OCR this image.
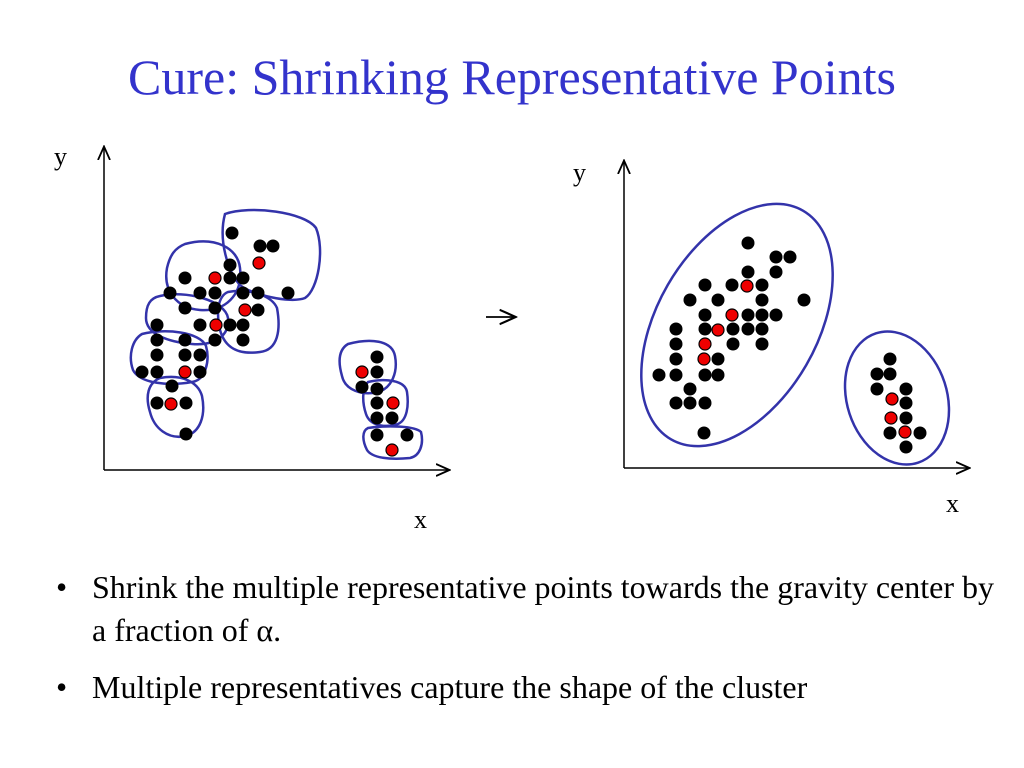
Cure: Shrinking Representative Points
y
x
y
x
• Shrink the multiple representative points towards the gravity center by a fraction of α.
• Multiple representatives capture the shape of the cluster
